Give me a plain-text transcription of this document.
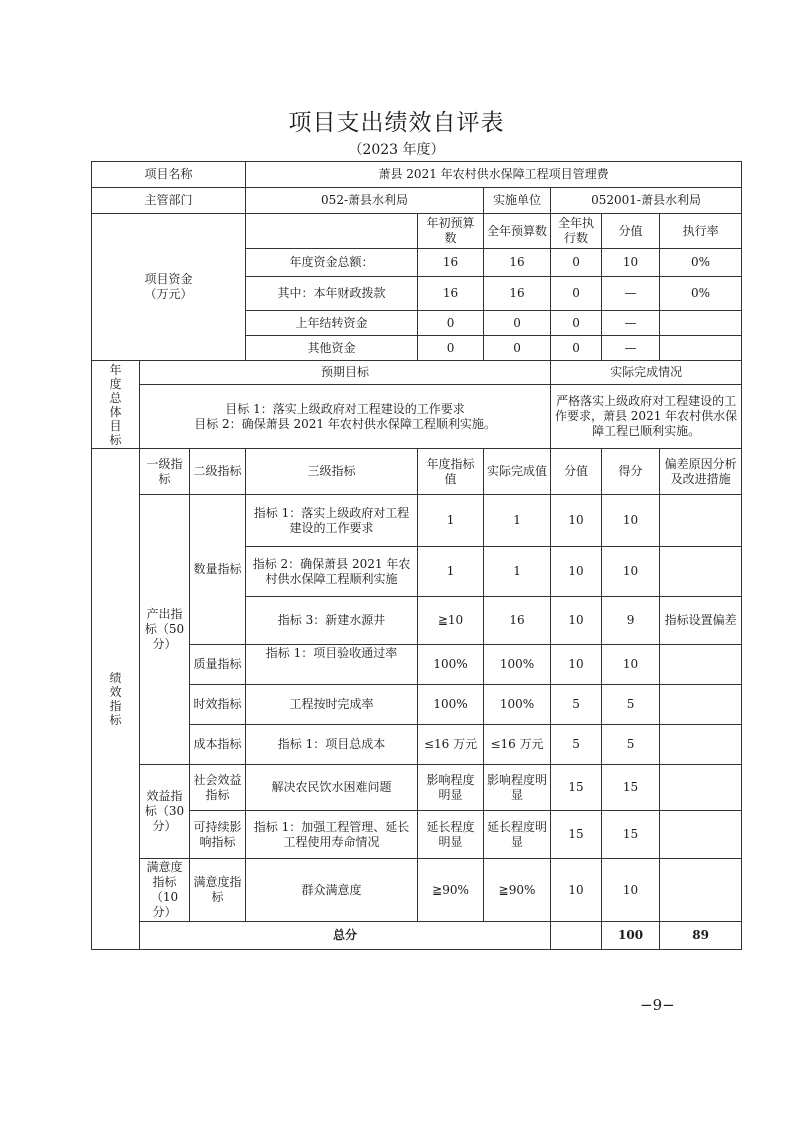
项目支出绩效自评表
（2023 年度）
项目名称			萧县 2021 年农村供水保障工程项目管理费						
主管部门			052-萧县水利局		实施单位	052001-萧县水利局			

项目资金
（万元）				年初预算数	全年预算数	全年执行数	分值	执行率	
			年度资金总额：	16	16	0	10	0%	
			其中：本年财政拨款	16	16	0	—	0%	
			上年结转资金	0	0	0	—		
			其他资金	0	0	0	—		

年度总体目标	预期目标					实际完成情况			

	目标 1：落实上级政府对工程建设的工作要求
目标 2：确保萧县 2021 年农村供水保障工程顺利实施。					严格落实上级政府对工程建设的工作要求，萧县 2021 年农村供水保障工程已顺利实施。			

绩效指标	一级指标	二级指标	三级指标	年度指标值	实际完成值	分值	得分	偏差原因分析及改进措施	
	产出指标（50 分）	数量指标	指标 1：落实上级政府对工程建设的工作要求	1	1	10	10		
			指标 2：确保萧县 2021 年农村供水保障工程顺利实施	1	1	10	10		
			指标 3：新建水源井	≧10	16	10	9	指标设置偏差	
		质量指标	指标 1：项目验收通过率	100%	100%	10	10		
		时效指标	工程按时完成率	100%	100%	5	5		
		成本指标	指标 1：项目总成本	≤16 万元	≤16 万元	5	5		
	效益指标（30 分）	社会效益指标	解决农民饮水困难问题	影响程度明显	影响程度明显	15	15		
		可持续影响指标	指标 1：加强工程管理、延长工程使用寿命情况	延长程度明显	延长程度明显	15	15		
	满意度指标（10 分）	满意度指标	群众满意度	≧90%	≧90%	10	10		
	总分						100	89	
−9−
